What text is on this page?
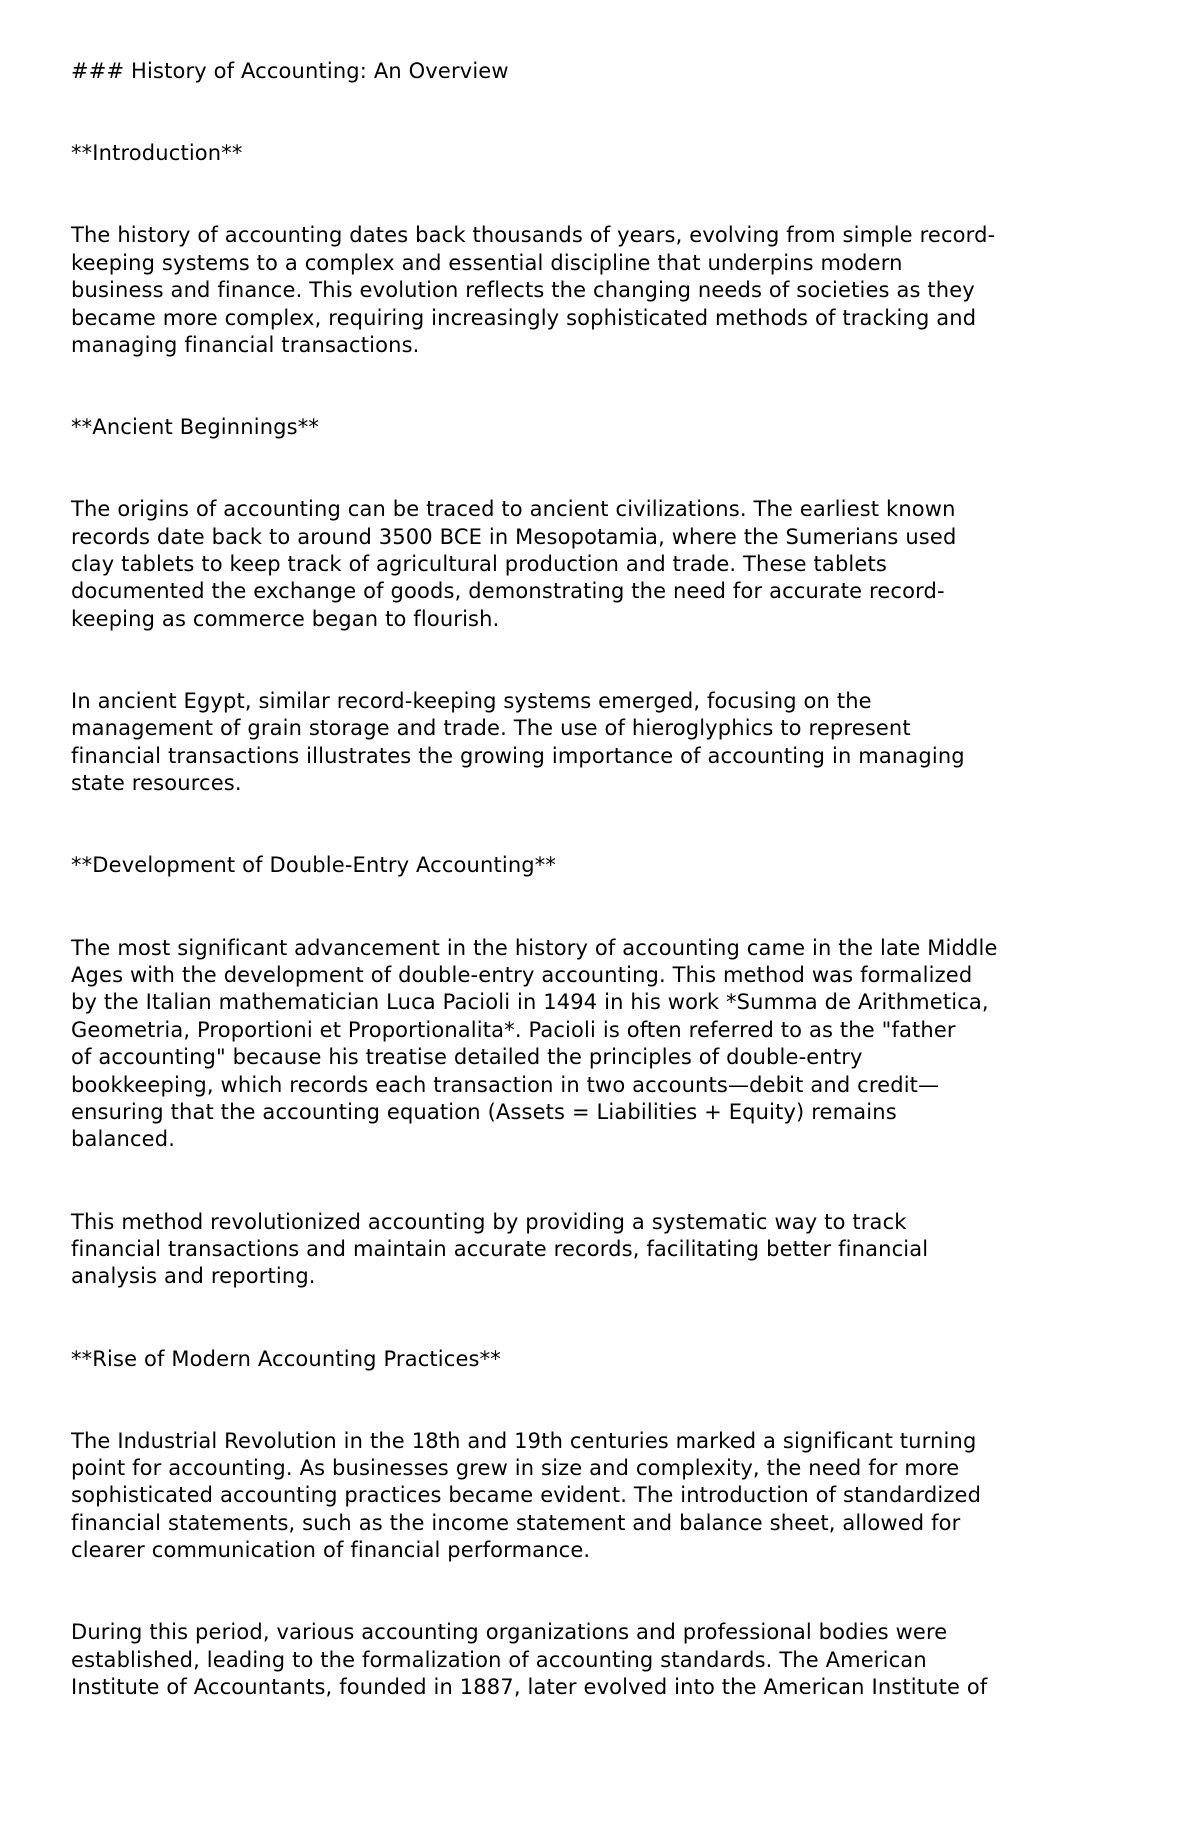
### History of Accounting: An Overview
**Introduction**
The history of accounting dates back thousands of years, evolving from simple record-
keeping systems to a complex and essential discipline that underpins modern
business and finance. This evolution reflects the changing needs of societies as they
became more complex, requiring increasingly sophisticated methods of tracking and
managing financial transactions.
**Ancient Beginnings**
The origins of accounting can be traced to ancient civilizations. The earliest known
records date back to around 3500 BCE in Mesopotamia, where the Sumerians used
clay tablets to keep track of agricultural production and trade. These tablets
documented the exchange of goods, demonstrating the need for accurate record-
keeping as commerce began to flourish.
In ancient Egypt, similar record-keeping systems emerged, focusing on the
management of grain storage and trade. The use of hieroglyphics to represent
financial transactions illustrates the growing importance of accounting in managing
state resources.
**Development of Double-Entry Accounting**
The most significant advancement in the history of accounting came in the late Middle
Ages with the development of double-entry accounting. This method was formalized
by the Italian mathematician Luca Pacioli in 1494 in his work *Summa de Arithmetica,
Geometria, Proportioni et Proportionalita*. Pacioli is often referred to as the "father
of accounting" because his treatise detailed the principles of double-entry
bookkeeping, which records each transaction in two accounts—debit and credit—
ensuring that the accounting equation (Assets = Liabilities + Equity) remains
balanced.
This method revolutionized accounting by providing a systematic way to track
financial transactions and maintain accurate records, facilitating better financial
analysis and reporting.
**Rise of Modern Accounting Practices**
The Industrial Revolution in the 18th and 19th centuries marked a significant turning
point for accounting. As businesses grew in size and complexity, the need for more
sophisticated accounting practices became evident. The introduction of standardized
financial statements, such as the income statement and balance sheet, allowed for
clearer communication of financial performance.
During this period, various accounting organizations and professional bodies were
established, leading to the formalization of accounting standards. The American
Institute of Accountants, founded in 1887, later evolved into the American Institute of
